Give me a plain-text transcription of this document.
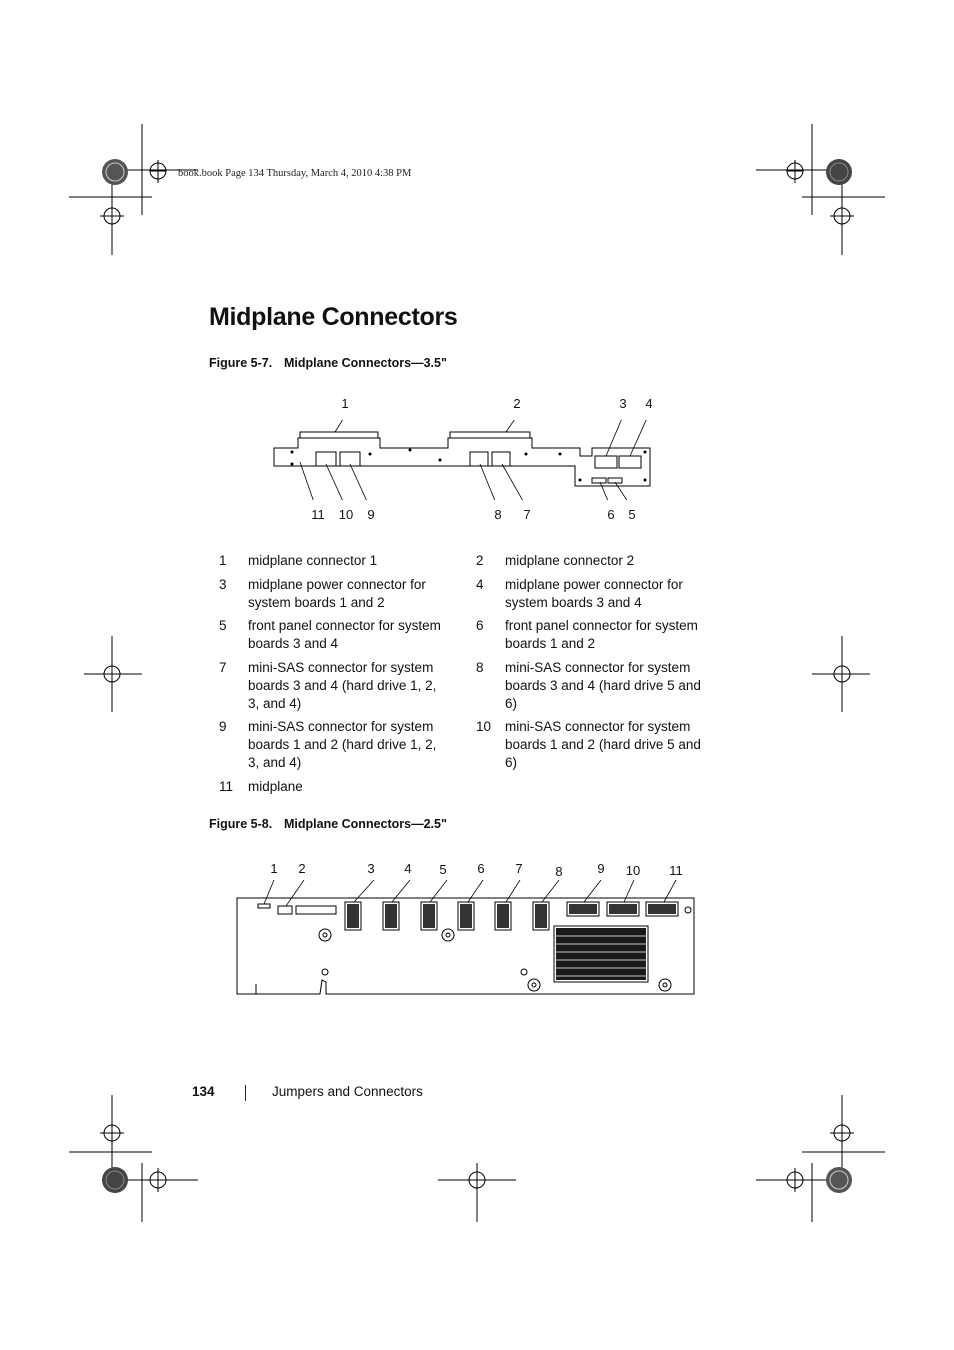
book.book Page 134 Thursday, March 4, 2010 4:38 PM
Midplane Connectors
Figure 5-7. Midplane Connectors—3.5"
1	2	3 4
11 10 9	8 7	6 5
1	midplane connector 1	2	midplane connector 2
3	midplane power connector for system boards 1 and 2
4	midplane power connector for system boards 3 and 4
5	front panel connector for system boards 3 and 4
6	front panel connector for system boards 1 and 2
7	mini-SAS connector for system boards 3 and 4 (hard drive 1, 2, 3, and 4)
8	mini-SAS connector for system boards 3 and 4 (hard drive 5 and 6)
9	mini-SAS connector for system boards 1 and 2 (hard drive 1, 2, 3, and 4)
10	mini-SAS connector for system boards 1 and 2 (hard drive 5 and 6)
11	midplane
Figure 5-8. Midplane Connectors—2.5"
1 2	3 4 5 6 7	8	9 10 11
134	Jumpers and Connectors
